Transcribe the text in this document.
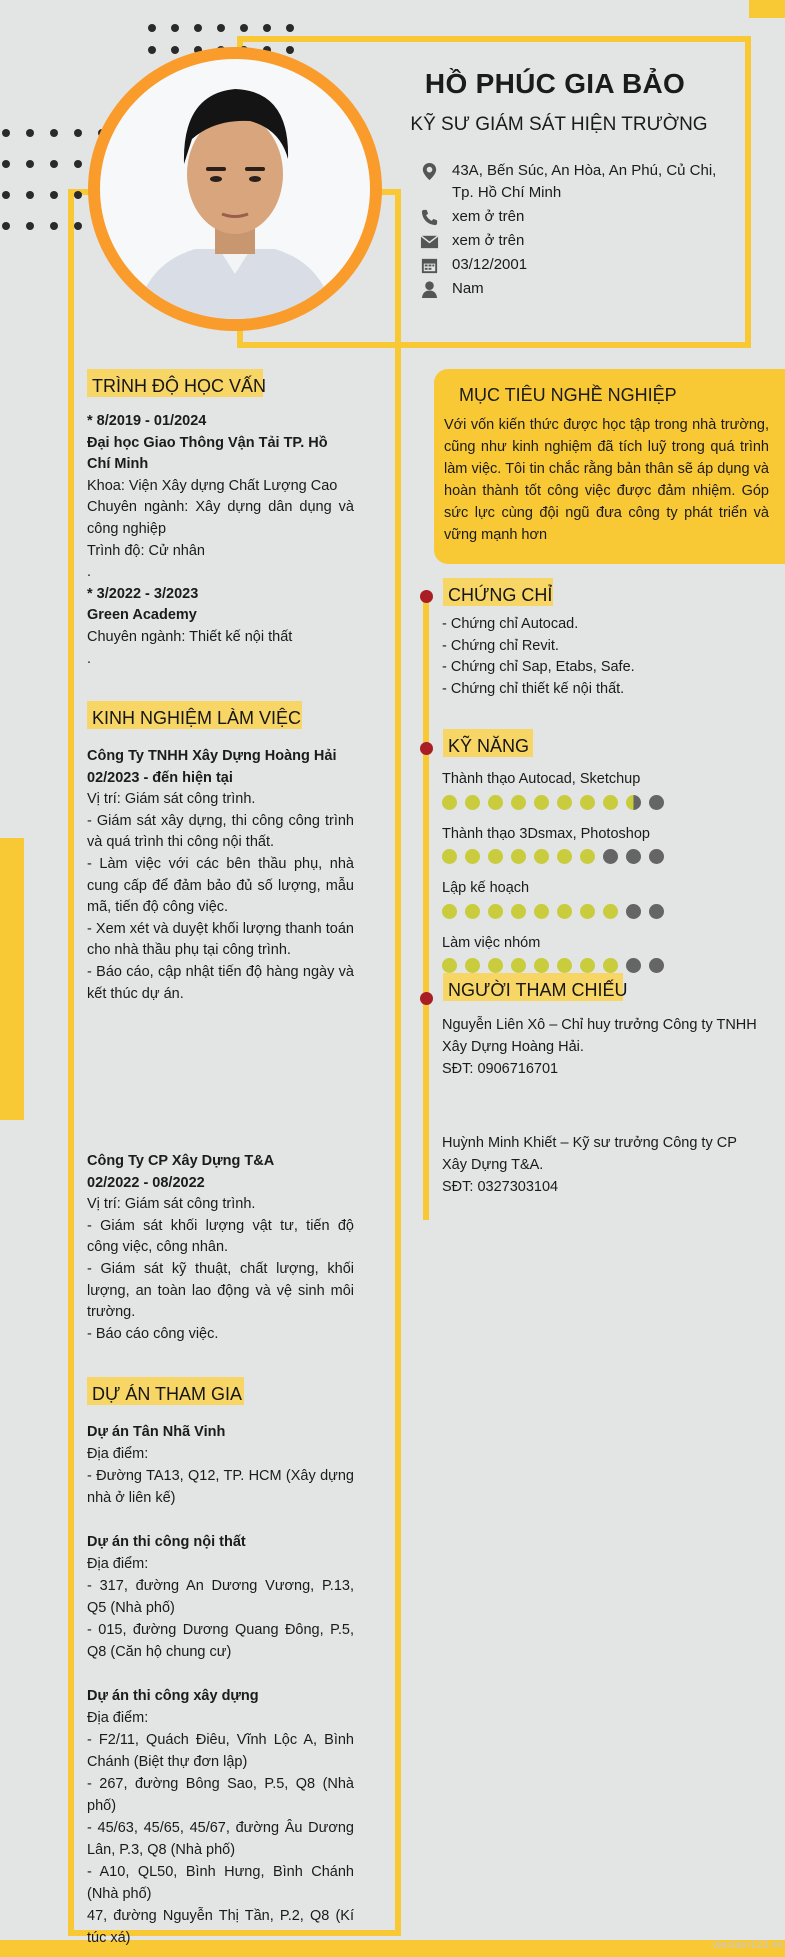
HỒ PHÚC GIA BẢO
KỸ SƯ GIÁM SÁT HIỆN TRƯỜNG
43A, Bến Súc, An Hòa, An Phú, Củ Chi, Tp. Hồ Chí Minh
xem ở trên
xem ở trên
03/12/2001
Nam
TRÌNH ĐỘ HỌC VẤN

* 8/2019 - 01/2024

Đại học Giao Thông Vận Tải TP. Hồ Chí Minh

Khoa: Viện Xây dựng Chất Lượng Cao

Chuyên ngành: Xây dựng dân dụng và công nghiệp

Trình độ: Cử nhân

.

* 3/2022 - 3/2023

Green Academy

Chuyên ngành: Thiết kế nội thất

.

KINH NGHIỆM LÀM VIỆC

Công Ty TNHH Xây Dựng Hoàng Hải

02/2023 - đến hiện tại

Vị trí: Giám sát công trình.

- Giám sát xây dựng, thi công công trình và quá trình thi công nội thất.

- Làm việc với các bên thầu phụ, nhà cung cấp để đảm bảo đủ số lượng, mẫu mã, tiến độ công việc.

- Xem xét và duyệt khối lượng thanh toán cho nhà thầu phụ tại công trình.

- Báo cáo, cập nhật tiến độ hàng ngày và kết thúc dự án.

Công Ty CP Xây Dựng T&A

02/2022 - 08/2022

Vị trí: Giám sát công trình.

- Giám sát khối lượng vật tư, tiến độ công việc, công nhân.

- Giám sát kỹ thuật, chất lượng, khối lượng, an toàn lao động và vệ sinh môi trường.

- Báo cáo công việc.

DỰ ÁN THAM GIA

Dự án Tân Nhã Vinh

Địa điểm:

- Đường TA13, Q12, TP. HCM (Xây dựng nhà ở liên kế)

Dự án thi công nội thất

Địa điểm:

- 317, đường An Dương Vương, P.13, Q5 (Nhà phố)

- 015, đường Dương Quang Đông, P.5, Q8 (Căn hộ chung cư)

Dự án thi công xây dựng

Địa điểm:

- F2/11, Quách Điêu, Vĩnh Lộc A, Bình Chánh (Biệt thự đơn lập)

- 267, đường Bông Sao, P.5, Q8 (Nhà phố)

- 45/63, 45/65, 45/67, đường Âu Dương Lân, P.3, Q8 (Nhà phố)

- A10, QL50, Bình Hưng, Bình Chánh (Nhà phố)

47, đường Nguyễn Thị Tần, P.2, Q8 (Kí túc xá)

MỤC TIÊU NGHỀ NGHIỆP

Với vốn kiến thức được học tập trong nhà trường, cũng như kinh nghiệm đã tích luỹ trong quá trình làm việc. Tôi tin chắc rằng bản thân sẽ áp dụng và hoàn thành tốt công việc được đảm nhiệm. Góp sức lực cùng đội ngũ đưa công ty phát triển và vững mạnh hơn

CHỨNG CHỈ

- Chứng chỉ Autocad.

- Chứng chỉ Revit.

- Chứng chỉ Sap, Etabs, Safe.

- Chứng chỉ thiết kế nội thất.

KỸ NĂNG

Thành thạo Autocad, Sketchup

Thành thạo 3Dsmax, Photoshop

Lập kế hoạch

Làm việc nhóm

NGƯỜI THAM CHIẾU

Nguyễn Liên Xô – Chỉ huy trưởng Công ty TNHH Xây Dựng Hoàng Hải.

SĐT: 0906716701

Huỳnh Minh Khiết – Kỹ sư trưởng Công ty CP Xây Dựng T&A.

SĐT: 0327303104

vieclam123.vn
